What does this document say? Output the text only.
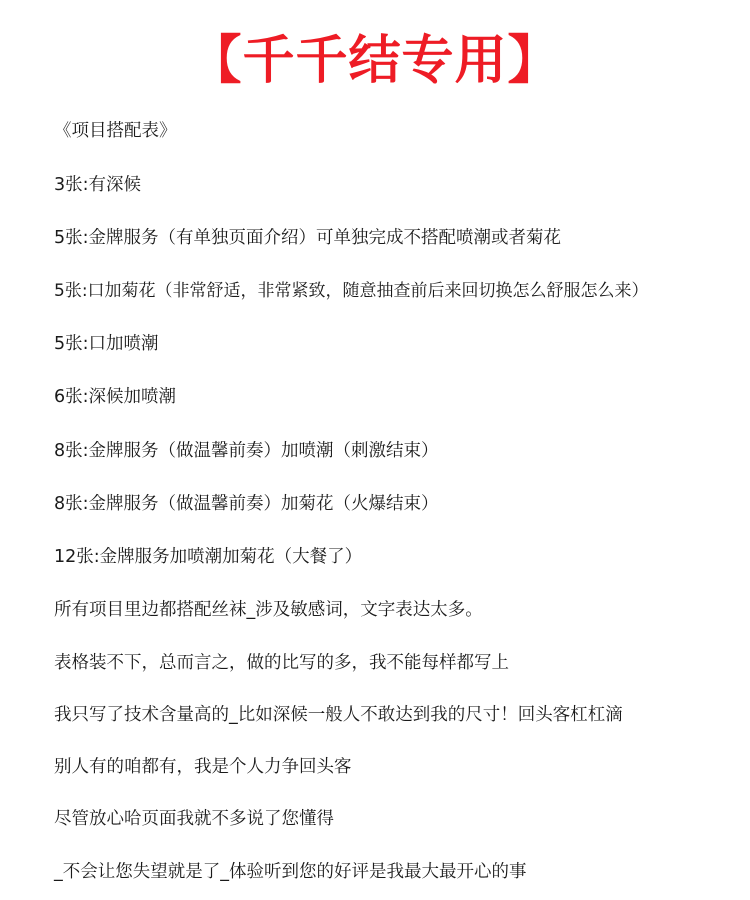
【千千结专用】

《项目搭配表》

3张:有深候

5张:金牌服务（有单独页面介绍）可单独完成不搭配喷潮或者菊花

5张:口加菊花（非常舒适，非常紧致，随意抽查前后来回切换怎么舒服怎么来）

5张:口加喷潮

6张:深候加喷潮

8张:金牌服务（做温馨前奏）加喷潮（刺激结束）

8张:金牌服务（做温馨前奏）加菊花（火爆结束）

12张:金牌服务加喷潮加菊花（大餐了）

所有项目里边都搭配丝袜_涉及敏感词，文字表达太多。

表格装不下，总而言之，做的比写的多，我不能每样都写上

我只写了技术含量高的_比如深候一般人不敢达到我的尺寸！回头客杠杠滴

别人有的咱都有，我是个人力争回头客

尽管放心哈页面我就不多说了您懂得

_不会让您失望就是了_体验听到您的好评是我最大最开心的事
